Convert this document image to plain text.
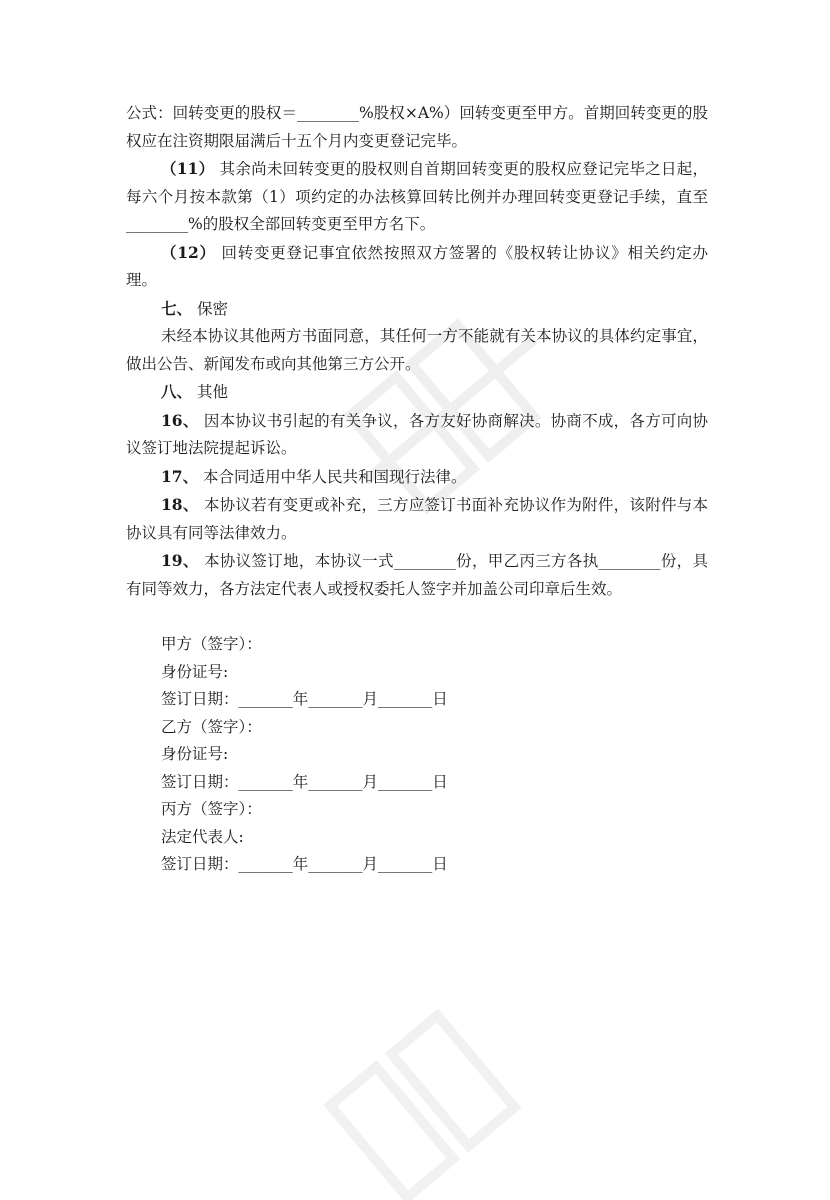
公式：回转变更的股权＝________%股权×A%）回转变更至甲方。首期回转变更的股权应在注资期限届满后十五个月内变更登记完毕。

（11） 其余尚未回转变更的股权则自首期回转变更的股权应登记完毕之日起，每六个月按本款第（1）项约定的办法核算回转比例并办理回转变更登记手续，直至________%的股权全部回转变更至甲方名下。

（12） 回转变更登记事宜依然按照双方签署的《股权转让协议》相关约定办理。

七、 保密

未经本协议其他两方书面同意，其任何一方不能就有关本协议的具体约定事宜，做出公告、新闻发布或向其他第三方公开。

八、 其他

16、 因本协议书引起的有关争议，各方友好协商解决。协商不成，各方可向协议签订地法院提起诉讼。

17、 本合同适用中华人民共和国现行法律。

18、 本协议若有变更或补充，三方应签订书面补充协议作为附件，该附件与本协议具有同等法律效力。

19、 本协议签订地，本协议一式________份，甲乙丙三方各执________份，具有同等效力，各方法定代表人或授权委托人签字并加盖公司印章后生效。

甲方（签字）：

身份证号:

签订日期：_______年_______月_______日

乙方（签字）：

身份证号:

签订日期：_______年_______月_______日

丙方（签字）：

法定代表人:

签订日期：_______年_______月_______日
